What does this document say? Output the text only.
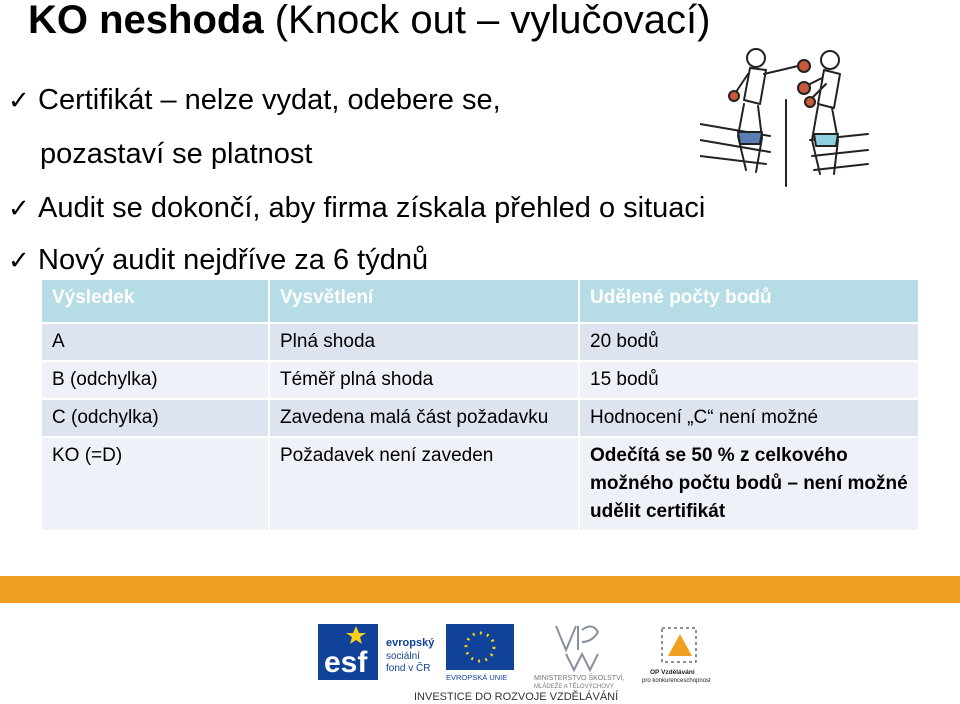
KO neshoda (Knock out – vylučovací)
✓ Certifikát – nelze vydat, odebere se,
pozastaví se platnost
✓ Audit se dokončí, aby firma získala přehled o situaci
✓ Nový audit nejdříve za 6 týdnů
Výsledek	Vysvětlení	Udělené počty bodů
A	Plná shoda	20 bodů
B (odchylka)	Téměř plná shoda	15 bodů
C (odchylka)	Zavedena malá část požadavku	Hodnocení „C“ není možné
KO (=D)	Požadavek není zaveden	Odečítá se 50 % z celkového možného počtu bodů – není možné udělit certifikát
esf
evropský
sociální
fond v ČR
EVROPSKÁ UNIE	MINISTERSTVO ŠKOLSTVÍ,
MLÁDEŽE A TĚLOVÝCHOVY
OP Vzdělávání
pro konkurenceschopnost
INVESTICE DO ROZVOJE VZDĚLÁVÁNÍ
